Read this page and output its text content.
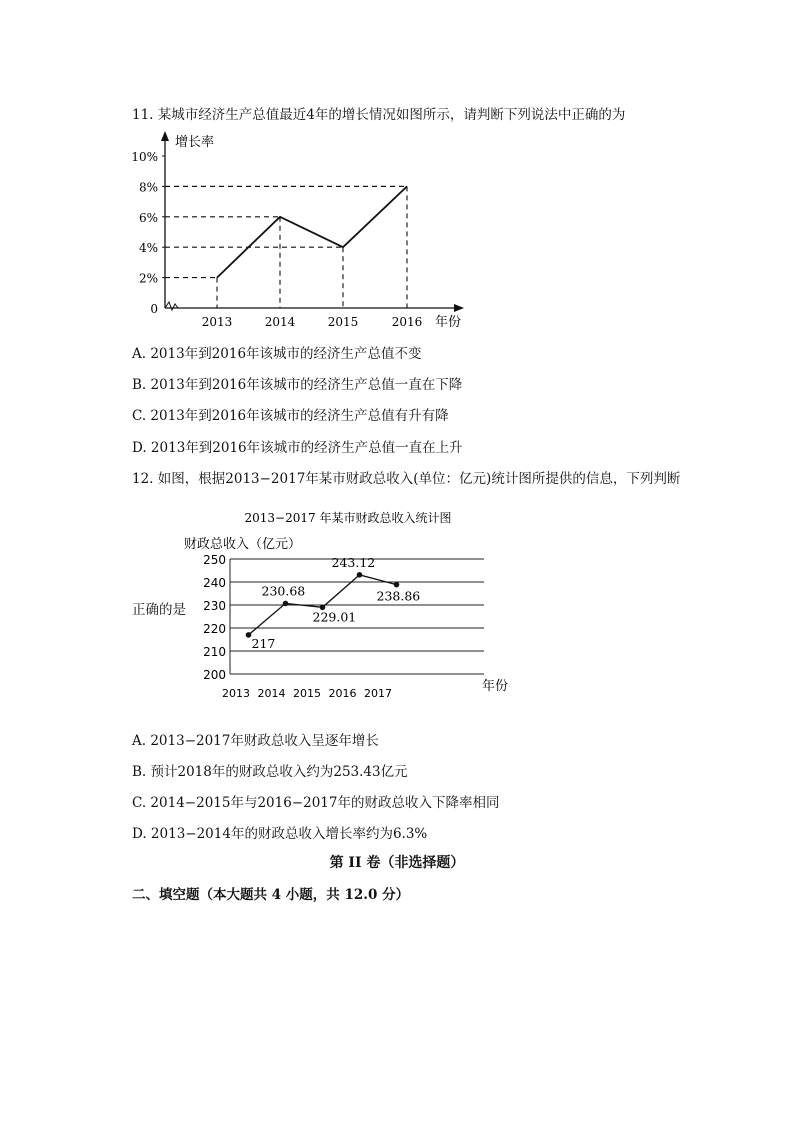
11. 某城市经济生产总值最近4年的增长情况如图所示，请判断下列说法中正确的为
增长率
年份
0
2%
4%
6%
8%
10%
2013	2014	2015	2016
A. 2013年到2016年该城市的经济生产总值不变
B. 2013年到2016年该城市的经济生产总值一直在下降
C. 2013年到2016年该城市的经济生产总值有升有降
D. 2013年到2016年该城市的经济生产总值一直在上升
12. 如图，根据2013−2017年某市财政总收入(单位：亿元)统计图所提供的信息，下列判断
正确的是
2013−2017 年某市财政总收入统计图
财政总收入（亿元）
200
210
220
230
240
250
217
230.68
229.01
243.12
238.86
2013 2014 2015 2016 2017	年份
A. 2013−2017年财政总收入呈逐年增长
B. 预计2018年的财政总收入约为253.43亿元
C. 2014−2015年与2016−2017年的财政总收入下降率相同
D. 2013−2014年的财政总收入增长率约为6.3%
第 II 卷（非选择题）
二、填空题（本大题共 4 小题，共 12.0 分）
